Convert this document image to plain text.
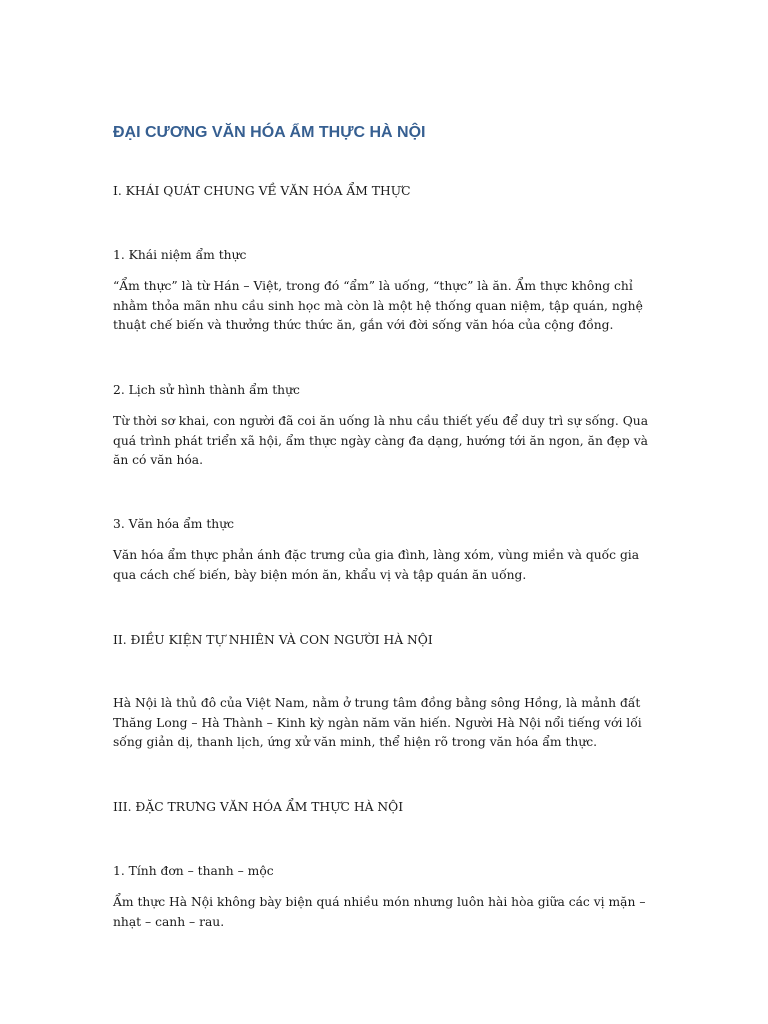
ĐẠI CƯƠNG VĂN HÓA ẨM THỰC HÀ NỘI
I. KHÁI QUÁT CHUNG VỀ VĂN HÓA ẨM THỰC
1. Khái niệm ẩm thực

“Ẩm thực” là từ Hán – Việt, trong đó “ẩm” là uống, “thực” là ăn. Ẩm thực không chỉ nhằm thỏa mãn nhu cầu sinh học mà còn là một hệ thống quan niệm, tập quán, nghệ thuật chế biến và thưởng thức thức ăn, gắn với đời sống văn hóa của cộng đồng.

2. Lịch sử hình thành ẩm thực

Từ thời sơ khai, con người đã coi ăn uống là nhu cầu thiết yếu để duy trì sự sống. Qua quá trình phát triển xã hội, ẩm thực ngày càng đa dạng, hướng tới ăn ngon, ăn đẹp và ăn có văn hóa.

3. Văn hóa ẩm thực

Văn hóa ẩm thực phản ánh đặc trưng của gia đình, làng xóm, vùng miền và quốc gia qua cách chế biến, bày biện món ăn, khẩu vị và tập quán ăn uống.

II. ĐIỀU KIỆN TỰ NHIÊN VÀ CON NGƯỜI HÀ NỘI

Hà Nội là thủ đô của Việt Nam, nằm ở trung tâm đồng bằng sông Hồng, là mảnh đất Thăng Long – Hà Thành – Kinh kỳ ngàn năm văn hiến. Người Hà Nội nổi tiếng với lối sống giản dị, thanh lịch, ứng xử văn minh, thể hiện rõ trong văn hóa ẩm thực.

III. ĐẶC TRƯNG VĂN HÓA ẨM THỰC HÀ NỘI
1. Tính đơn – thanh – mộc

Ẩm thực Hà Nội không bày biện quá nhiều món nhưng luôn hài hòa giữa các vị mặn – nhạt – canh – rau.
